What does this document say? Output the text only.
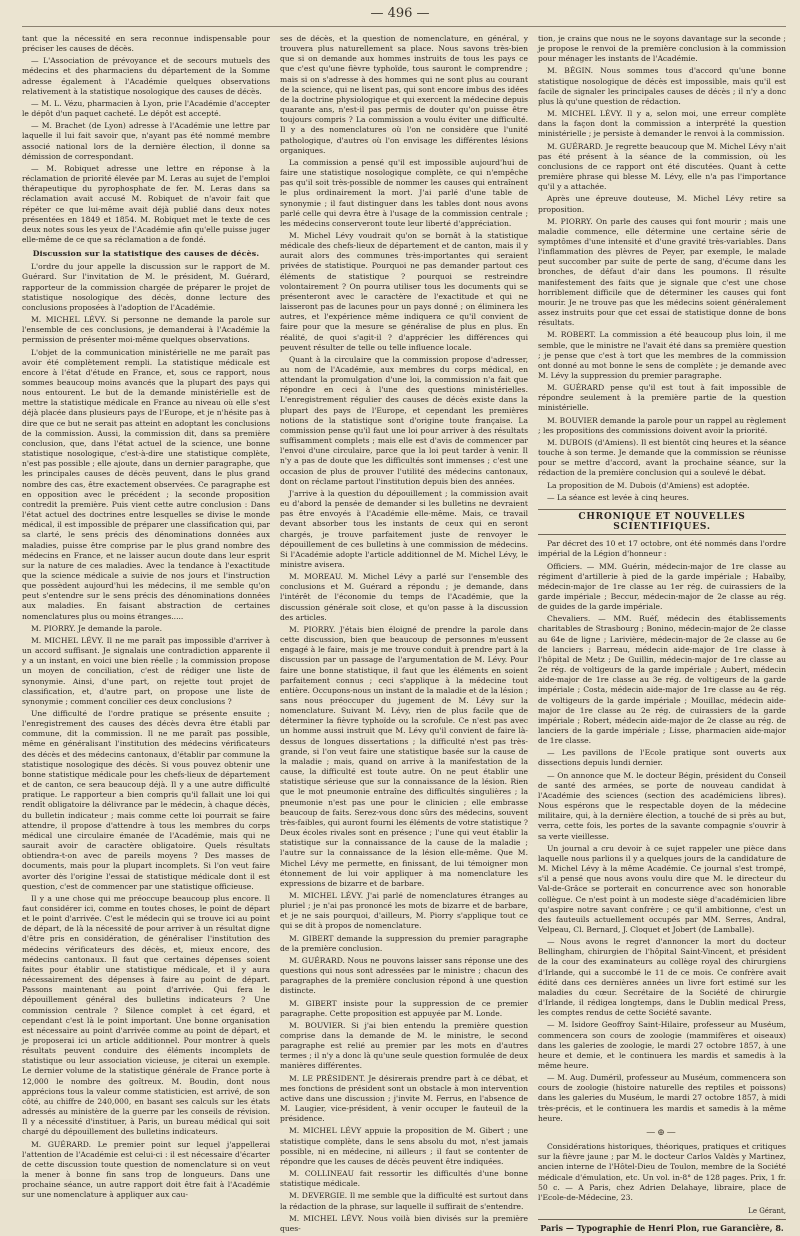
— 496 —

tant que la nécessité en sera reconnue indispensable pour préciser les causes de décès.

— L'Association de prévoyance et de secours mutuels des médecins et des pharmaciens du département de la Somme adresse également à l'Académie quelques observations relativement à la statistique nosologique des causes de décès.

— M. L. Vézu, pharmacien à Lyon, prie l'Académie d'accepter le dépôt d'un paquet cacheté. Le dépôt est accepté.

— M. Brachet (de Lyon) adresse à l'Académie une lettre par laquelle il lui fait savoir que, n'ayant pas été nommé membre associé national lors de la dernière élection, il donne sa démission de correspondant.

— M. Robiquet adresse une lettre en réponse à la réclamation de priorité élevée par M. Leras au sujet de l'emploi thérapeutique du pyrophosphate de fer. M. Leras dans sa réclamation avait accusé M. Robiquet de n'avoir fait que répéter ce que lui-même avait déjà publié dans deux notes présentées en 1849 et 1854. M. Robiquet met le texte de ces deux notes sous les yeux de l'Académie afin qu'elle puisse juger elle-même de ce que sa réclamation a de fondé.

Discussion sur la statistique des causes de décès.

L'ordre du jour appelle la discussion sur le rapport de M. Guérard. Sur l'invitation de M. le président, M. Guérard, rapporteur de la commission chargée de préparer le projet de statistique nosologique des décès, donne lecture des conclusions proposées à l'adoption de l'Académie.

M. MICHEL LÉVY. Si personne ne demande la parole sur l'ensemble de ces conclusions, je demanderai à l'Académie la permission de présenter moi-même quelques observations.

L'objet de la communication ministérielle ne me paraît pas avoir été complètement rempli. La statistique médicale est encore à l'état d'étude en France, et, sous ce rapport, nous sommes beaucoup moins avancés que la plupart des pays qui nous entourent. Le but de la demande ministérielle est de mettre la statistique médicale en France au niveau où elle s'est déjà placée dans plusieurs pays de l'Europe, et je n'hésite pas à dire que ce but ne serait pas atteint en adoptant les conclusions de la commission. Aussi, la commission dit, dans sa première conclusion, que, dans l'état actuel de la science, une bonne statistique nosologique, c'est-à-dire une statistique complète, n'est pas possible ; elle ajoute, dans un dernier paragraphe, que les principales causes de décès peuvent, dans le plus grand nombre des cas, être exactement observées. Ce paragraphe est en opposition avec le précédent ; la seconde proposition contredit la première. Puis vient cette autre conclusion : Dans l'état actuel des doctrines entre lesquelles se divise le monde médical, il est impossible de préparer une classification qui, par sa clarté, le sens précis des dénominations données aux maladies, puisse être comprise par le plus grand nombre des médecins en France, et ne laisser aucun doute dans leur esprit sur la nature de ces maladies. Avec la tendance à l'exactitude que la science médicale a suivie de nos jours et l'instruction que possèdent aujourd'hui les médecins, il me semble qu'on peut s'entendre sur le sens précis des dénominations données aux maladies. En faisant abstraction de certaines nomenclatures plus ou moins étranges.....

M. PIORRY. Je demande la parole.

M. MICHEL LÉVY. Il ne me paraît pas impossible d'arriver à un accord suffisant. Je signalais une contradiction apparente il y a un instant, en voici une bien réelle ; la commission propose un moyen de conciliation, c'est de rédiger une liste de synonymie. Ainsi, d'une part, on rejette tout projet de classification, et, d'autre part, on propose une liste de synonymie ; comment concilier ces deux conclusions ?

Une difficulté de l'ordre pratique se présente ensuite ; l'enregistrement des causes des décès devra être établi par commune, dit la commission. Il ne me paraît pas possible, même en généralisant l'institution des médecins vérificateurs des décès et des médecins cantonaux, d'établir par commune la statistique nosologique des décès. Si vous pouvez obtenir une bonne statistique médicale pour les chefs-lieux de département et de canton, ce sera beaucoup déjà. Il y a une autre difficulté pratique. Le rapporteur a bien compris qu'il fallait une loi qui rendît obligatoire la délivrance par le médecin, à chaque décès, du bulletin indicateur ; mais comme cette loi pourrait se faire attendre, il propose d'attendre à tous les membres du corps médical une circulaire émanée de l'Académie, mais qui ne saurait avoir de caractère obligatoire. Quels résultats obtiendra-t-on avec de pareils moyens ? Des masses de documents, mais pour la plupart incomplets. Si l'on veut faire avorter dès l'origine l'essai de statistique médicale dont il est question, c'est de commencer par une statistique officieuse.

Il y a une chose qui me préoccupe beaucoup plus encore. Il faut considérer ici, comme en toutes choses, le point de départ et le point d'arrivée. C'est le médecin qui se trouve ici au point de départ, de là la nécessité de pour arriver à un résultat digne d'être pris en considération, de généraliser l'institution des médecins vérificateurs des décès, et, mieux encore, des médecins cantonaux. Il faut que certaines dépenses soient faites pour établir une statistique médicale, et il y aura nécessairement des dépenses à faire au point de départ. Passons maintenant au point d'arrivée. Qui fera le dépouillement général des bulletins indicateurs ? Une commission centrale ? Silence complet à cet égard, et cependant c'est là le point important. Une bonne organisation est nécessaire au point d'arrivée comme au point de départ, et je proposerai ici un article additionnel. Pour montrer à quels résultats peuvent conduire des éléments incomplets de statistique ou leur association vicieuse, je citerai un exemple. Le dernier volume de la statistique générale de France porte à 12,000 le nombre des goîtreux. M. Boudin, dont nous apprécions tous la valeur comme statisticien, est arrivé, de son côté, au chiffre de 240,000, en basant ses calculs sur les états adressés au ministère de la guerre par les conseils de révision. Il y a nécessité d'instituer, à Paris, un bureau médical qui soit chargé du dépouillement des bulletins indicateurs.

M. GUÉRARD. Le premier point sur lequel j'appellerai l'attention de l'Académie est celui-ci : il est nécessaire d'écarter de cette discussion toute question de nomenclature si on veut la mener à bonne fin sans trop de longueurs. Dans une prochaine séance, un autre rapport doit être fait à l'Académie sur une nomenclature à appliquer aux cau-

ses de décès, et la question de nomenclature, en général, y trouvera plus naturellement sa place. Nous savons très-bien que si on demande aux hommes instruits de tous les pays ce que c'est qu'une fièvre typhoïde, tous sauront le comprendre ; mais si on s'adresse à des hommes qui ne sont plus au courant de la science, qui ne lisent pas, qui sont encore imbus des idées de la doctrine physiologique et qui exercent la médecine depuis quarante ans, n'est-il pas permis de douter qu'on puisse être toujours compris ? La commission a voulu éviter une difficulté. Il y a des nomenclatures où l'on ne considère que l'unité pathologique, d'autres où l'on envisage les différentes lésions organiques.

La commission a pensé qu'il est impossible aujourd'hui de faire une statistique nosologique complète, ce qui n'empêche pas qu'il soit très-possible de nommer les causes qui entraînent le plus ordinairement la mort. J'ai parlé d'une table de synonymie ; il faut distinguer dans les tables dont nous avons parlé celle qui devra être à l'usage de la commission centrale ; les médecins conserveront toute leur liberté d'appréciation.

M. Michel Lévy voudrait qu'on se bornât à la statistique médicale des chefs-lieux de département et de canton, mais il y aurait alors des communes très-importantes qui seraient privées de statistique. Pourquoi ne pas demander partout ces éléments de statistique ? pourquoi se restreindre volontairement ? On pourra utiliser tous les documents qui se présenteront avec le caractère de l'exactitude et qui ne laisseront pas de lacunes pour un pays donné ; on éliminera les autres, et l'expérience même indiquera ce qu'il convient de faire pour que la mesure se généralise de plus en plus. En réalité, de quoi s'agit-il ? d'apprécier les différences qui peuvent résulter de telle ou telle influence locale.

Quant à la circulaire que la commission propose d'adresser, au nom de l'Académie, aux membres du corps médical, en attendant la promulgation d'une loi, la commission n'a fait que répondre en ceci à l'une des questions ministérielles. L'enregistrement régulier des causes de décès existe dans la plupart des pays de l'Europe, et cependant les premières notions de la statistique sont d'origine toute française. La commission pense qu'il faut une loi pour arriver à des résultats suffisamment complets ; mais elle est d'avis de commencer par l'envoi d'une circulaire, parce que la loi peut tarder à venir. Il n'y a pas de doute que les difficultés sont immenses ; c'est une occasion de plus de prouver l'utilité des médecins cantonaux, dont on réclame partout l'institution depuis bien des années.

J'arrive à la question du dépouillement ; la commission avait eu d'abord la pensée de demander si les bulletins ne devraient pas être envoyés à l'Académie elle-même. Mais, ce travail devant absorber tous les instants de ceux qui en seront chargés, je trouve parfaitement juste de renvoyer le dépouillement de ces bulletins à une commission de médecins. Si l'Académie adopte l'article additionnel de M. Michel Lévy, le ministre avisera.

M. MOREAU. M. Michel Lévy a parlé sur l'ensemble des conclusions et M. Guérard a répondu ; je demande, dans l'intérêt de l'économie du temps de l'Académie, que la discussion générale soit close, et qu'on passe à la discussion des articles.

M. PIORRY. J'étais bien éloigné de prendre la parole dans cette discussion, bien que beaucoup de personnes m'eussent engagé à le faire, mais je me trouve conduit à prendre part à la discussion par un passage de l'argumentation de M. Lévy. Pour faire une bonne statistique, il faut que les éléments en soient parfaitement connus ; ceci s'applique à la médecine tout entière. Occupons-nous un instant de la maladie et de la lésion ; sans nous préoccuper du jugement de M. Lévy sur la nomenclature. Suivant M. Lévy, rien de plus facile que de déterminer la fièvre typhoïde ou la scrofule. Ce n'est pas avec un homme aussi instruit que M. Lévy qu'il convient de faire là-dessus de longues dissertations ; la difficulté n'est pas très-grande, si l'on veut faire une statistique basée sur la cause de la maladie ; mais, quand on arrive à la manifestation de la cause, la difficulté est toute autre. On ne peut établir une statistique sérieuse que sur la connaissance de la lésion. Rien que le mot pneumonie entraîne des difficultés singulières ; la pneumonie n'est pas une pour le clinicien ; elle embrasse beaucoup de faits. Serez-vous donc sûrs des médecins, souvent très-faibles, qui auront fourni les éléments de votre statistique ? Deux écoles rivales sont en présence ; l'une qui veut établir la statistique sur la connaissance de la cause de la maladie ; l'autre sur la connaissance de la lésion elle-même. Que M. Michel Lévy me permette, en finissant, de lui témoigner mon étonnement de lui voir appliquer à ma nomenclature les expressions de bizarre et de barbare.

M. MICHEL LÉVY. J'ai parlé de nomenclatures étranges au pluriel ; je n'ai pas prononcé les mots de bizarre et de barbare, et je ne sais pourquoi, d'ailleurs, M. Piorry s'applique tout ce qui se dit à propos de nomenclature.

M. GIBERT demande la suppression du premier paragraphe de la première conclusion.

M. GUÉRARD. Nous ne pouvons laisser sans réponse une des questions qui nous sont adressées par le ministre ; chacun des paragraphes de la première conclusion répond à une question distincte.

M. GIBERT insiste pour la suppression de ce premier paragraphe. Cette proposition est appuyée par M. Londe.

M. BOUVIER. Si j'ai bien entendu la première question comprise dans la demande de M. le ministre, le second paragraphe est relié au premier par les mots en d'autres termes ; il n'y a donc là qu'une seule question formulée de deux manières différentes.

M. LE PRÉSIDENT. Je désirerais prendre part à ce débat, et mes fonctions de président sont un obstacle à mon intervention active dans une discussion ; j'invite M. Ferrus, en l'absence de M. Laugier, vice-président, à venir occuper le fauteuil de la présidence.

M. MICHEL LÉVY appuie la proposition de M. Gibert ; une statistique complète, dans le sens absolu du mot, n'est jamais possible, ni en médecine, ni ailleurs ; il faut se contenter de répondre que les causes de décès peuvent être indiquées.

M. COLLINEAU fait ressortir les difficultés d'une bonne statistique médicale.

M. DEVERGIE. Il me semble que la difficulté est surtout dans la rédaction de la phrase, sur laquelle il suffirait de s'entendre.

M. MICHEL LÉVY. Nous voilà bien divisés sur la première ques-

tion, je crains que nous ne le soyons davantage sur la seconde ; je propose le renvoi de la première conclusion à la commission pour ménager les instants de l'Académie.

M. BÉGIN. Nous sommes tous d'accord qu'une bonne statistique nosologique de décès est impossible, mais qu'il est facile de signaler les principales causes de décès ; il n'y a donc plus là qu'une question de rédaction.

M. MICHEL LÉVY. Il y a, selon moi, une erreur complète dans la façon dont la commission a interprété la question ministérielle ; je persiste à demander le renvoi à la commission.

M. GUÉRARD. Je regrette beaucoup que M. Michel Lévy n'ait pas été présent à la séance de la commission, où les conclusions de ce rapport ont été discutées. Quant à cette première phrase qui blesse M. Lévy, elle n'a pas l'importance qu'il y a attachée.

Après une épreuve douteuse, M. Michel Lévy retire sa proposition.

M. PIORRY. On parle des causes qui font mourir ; mais une maladie commence, elle détermine une certaine série de symptômes d'une intensité et d'une gravité très-variables. Dans l'inflammation des plèvres de Peyer, par exemple, le malade peut succomber par suite de perte de sang, d'écume dans les bronches, de défaut d'air dans les poumons. Il résulte manifestement des faits que je signale que c'est une chose horriblement difficile que de déterminer les causes qui font mourir. Je ne trouve pas que les médecins soient généralement assez instruits pour que cet essai de statistique donne de bons résultats.

M. ROBERT. La commission a été beaucoup plus loin, il me semble, que le ministre ne l'avait été dans sa première question ; je pense que c'est à tort que les membres de la commission ont donné au mot bonne le sens de complète ; je demande avec M. Lévy la suppression du premier paragraphe.

M. GUÉRARD pense qu'il est tout à fait impossible de répondre seulement à la première partie de la question ministérielle.

M. BOUVIER demande la parole pour un rappel au règlement ; les propositions des commissions doivent avoir la priorité.

M. DUBOIS (d'Amiens). Il est bientôt cinq heures et la séance touche à son terme. Je demande que la commission se réunisse pour se mettre d'accord, avant la prochaine séance, sur la rédaction de la première conclusion qui a soulevé le débat.

La proposition de M. Dubois (d'Amiens) est adoptée.

— La séance est levée à cinq heures.

CHRONIQUE ET NOUVELLES SCIENTIFIQUES.

Par décret des 10 et 17 octobre, ont été nommés dans l'ordre impérial de la Légion d'honneur :

Officiers. — MM. Guérin, médecin-major de 1re classe au régiment d'artillerie à pied de la garde impériale ; Habaïby, médecin-major de 1re classe au 1er rég. de cuirassiers de la garde impériale ; Beccur, médecin-major de 2e classe au rég. de guides de la garde impériale.

Chevaliers. — MM. Ruéf, médecin des établissements charitables de Strasbourg ; Bonino, médecin-major de 2e classe au 64e de ligne ; Larivière, médecin-major de 2e classe au 6e de lanciers ; Barreau, médecin aide-major de 1re classe à l'hôpital de Metz ; De Guillin, médecin-major de 1re classe au 2e rég. de voltigeurs de la garde impériale ; Aubert, médecin aide-major de 1re classe au 3e rég. de voltigeurs de la garde impériale ; Costa, médecin aide-major de 1re classe au 4e rég. de voltigeurs de la garde impériale ; Mouillac, médecin aide-major de 1re classe au 2e rég. de cuirassiers de la garde impériale ; Robert, médecin aide-major de 2e classe au rég. de lanciers de la garde impériale ; Lisse, pharmacien aide-major de 1re classe.

— Les pavillons de l'Ecole pratique sont ouverts aux dissections depuis lundi dernier.

— On annonce que M. le docteur Bégin, président du Conseil de santé des armées, se porte de nouveau candidat à l'Académie des sciences (section des académiciens libres). Nous espérons que le respectable doyen de la médecine militaire, qui, à la dernière élection, a touché de si près au but, verra, cette fois, les portes de la savante compagnie s'ouvrir à sa verte vieillesse.

Un journal a cru devoir à ce sujet rappeler une pièce dans laquelle nous parlions il y a quelques jours de la candidature de M. Michel Lévy à la même Académie. Ce journal s'est trompé, s'il a pensé que nous avons voulu dire que M. le directeur du Val-de-Grâce se porterait en concurrence avec son honorable collègue. Ce n'est point à un modeste siège d'académicien libre qu'aspire notre savant confrère ; ce qu'il ambitionne, c'est un des fauteuils actuellement occupés par MM. Serres, Andral, Velpeau, Cl. Bernard, J. Cloquet et Jobert (de Lamballe).

— Nous avons le regret d'annoncer la mort du docteur Bellingham, chirurgien de l'hôpital Saint-Vincent, et président de la cour des examinateurs au collège royal des chirurgiens d'Irlande, qui a succombé le 11 de ce mois. Ce confrère avait édité dans ces dernières années un livre fort estimé sur les maladies du cœur. Secrétaire de la Société de chirurgie d'Irlande, il rédigea longtemps, dans le Dublin medical Press, les comptes rendus de cette Société savante.

— M. Isidore Geoffroy Saint-Hilaire, professeur au Muséum, commencera son cours de zoologie (mammifères et oiseaux) dans les galeries de zoologie, le mardi 27 octobre 1857, à une heure et demie, et le continuera les mardis et samedis à la même heure.

— M. Aug. Duméril, professeur au Muséum, commencera son cours de zoologie (histoire naturelle des reptiles et poissons) dans les galeries du Muséum, le mardi 27 octobre 1857, à midi très-précis, et le continuera les mardis et samedis à la même heure.

—⊕—

Considérations historiques, théoriques, pratiques et critiques sur la fièvre jaune ; par M. le docteur Carlos Valdès y Martinez, ancien interne de l'Hôtel-Dieu de Toulon, membre de la Société médicale d'émulation, etc. Un vol. in-8° de 128 pages. Prix, 1 fr. 50 c. — A Paris, chez Adrien Delahaye, libraire, place de l'Ecole-de-Médecine, 23.

Le Gérant,
Paris — Typographie de Henri Plon, rue Garancière, 8.
